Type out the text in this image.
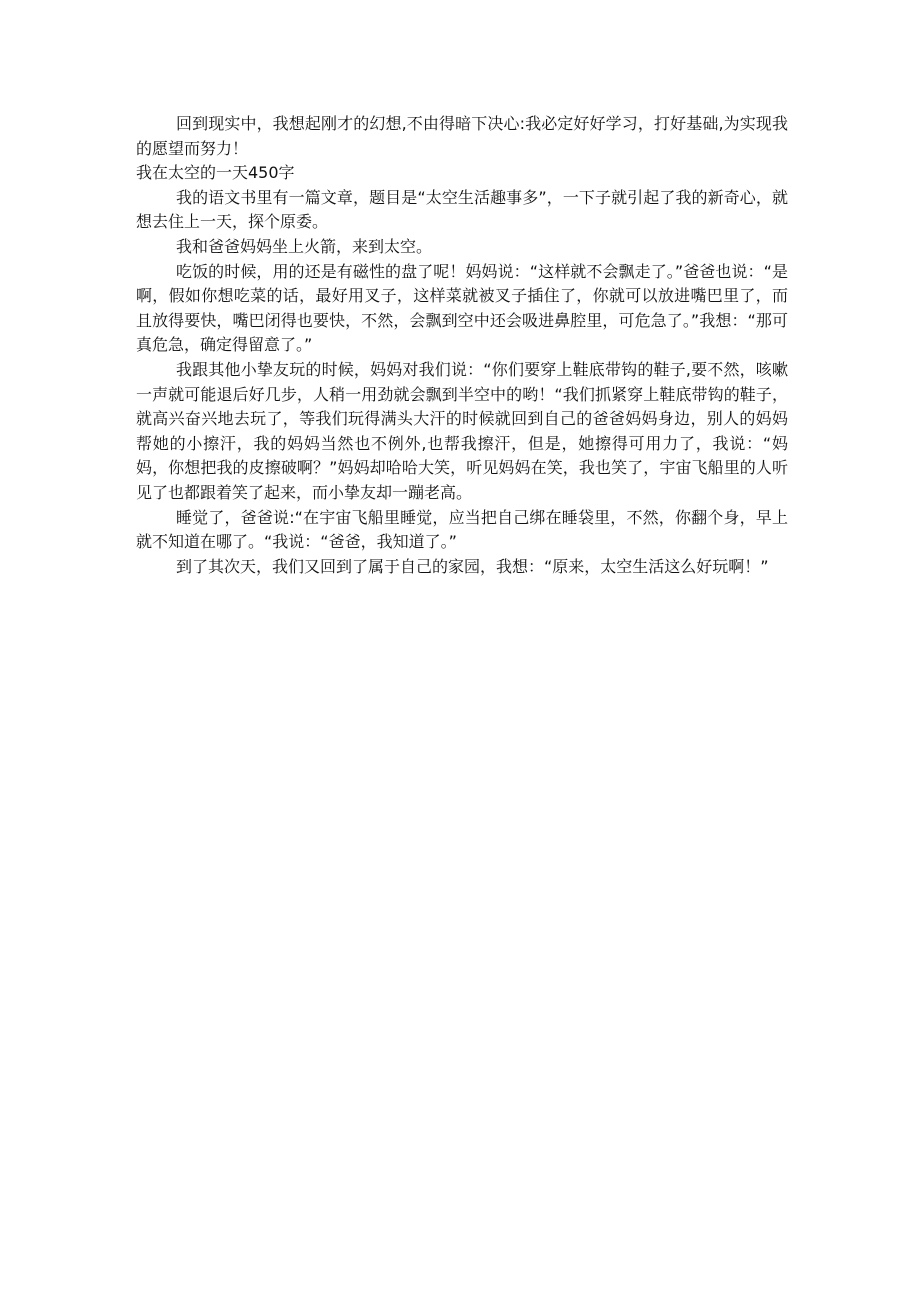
回到现实中，我想起刚才的幻想,不由得暗下决心:我必定好好学习，打好基础,为实现我的愿望而努力！

我在太空的一天450字

我的语文书里有一篇文章，题目是“太空生活趣事多”，一下子就引起了我的新奇心，就想去住上一天，探个原委。

我和爸爸妈妈坐上火箭，来到太空。

吃饭的时候，用的还是有磁性的盘了呢！妈妈说：“这样就不会飘走了。”爸爸也说：“是啊，假如你想吃菜的话，最好用叉子，这样菜就被叉子插住了，你就可以放进嘴巴里了，而且放得要快，嘴巴闭得也要快，不然，会飘到空中还会吸进鼻腔里，可危急了。”我想：“那可真危急，确定得留意了。”

我跟其他小挚友玩的时候，妈妈对我们说：“你们要穿上鞋底带钩的鞋子,要不然，咳嗽一声就可能退后好几步，人稍一用劲就会飘到半空中的哟！“我们抓紧穿上鞋底带钩的鞋子，就高兴奋兴地去玩了，等我们玩得满头大汗的时候就回到自己的爸爸妈妈身边，别人的妈妈帮她的小擦汗，我的妈妈当然也不例外,也帮我擦汗，但是，她擦得可用力了，我说：“妈妈，你想把我的皮擦破啊？”妈妈却哈哈大笑，听见妈妈在笑，我也笑了，宇宙飞船里的人听见了也都跟着笑了起来，而小挚友却一蹦老高。

睡觉了，爸爸说:“在宇宙飞船里睡觉，应当把自己绑在睡袋里，不然，你翻个身，早上就不知道在哪了。“我说：“爸爸，我知道了。”

到了其次天，我们又回到了属于自己的家园，我想：“原来，太空生活这么好玩啊！”
